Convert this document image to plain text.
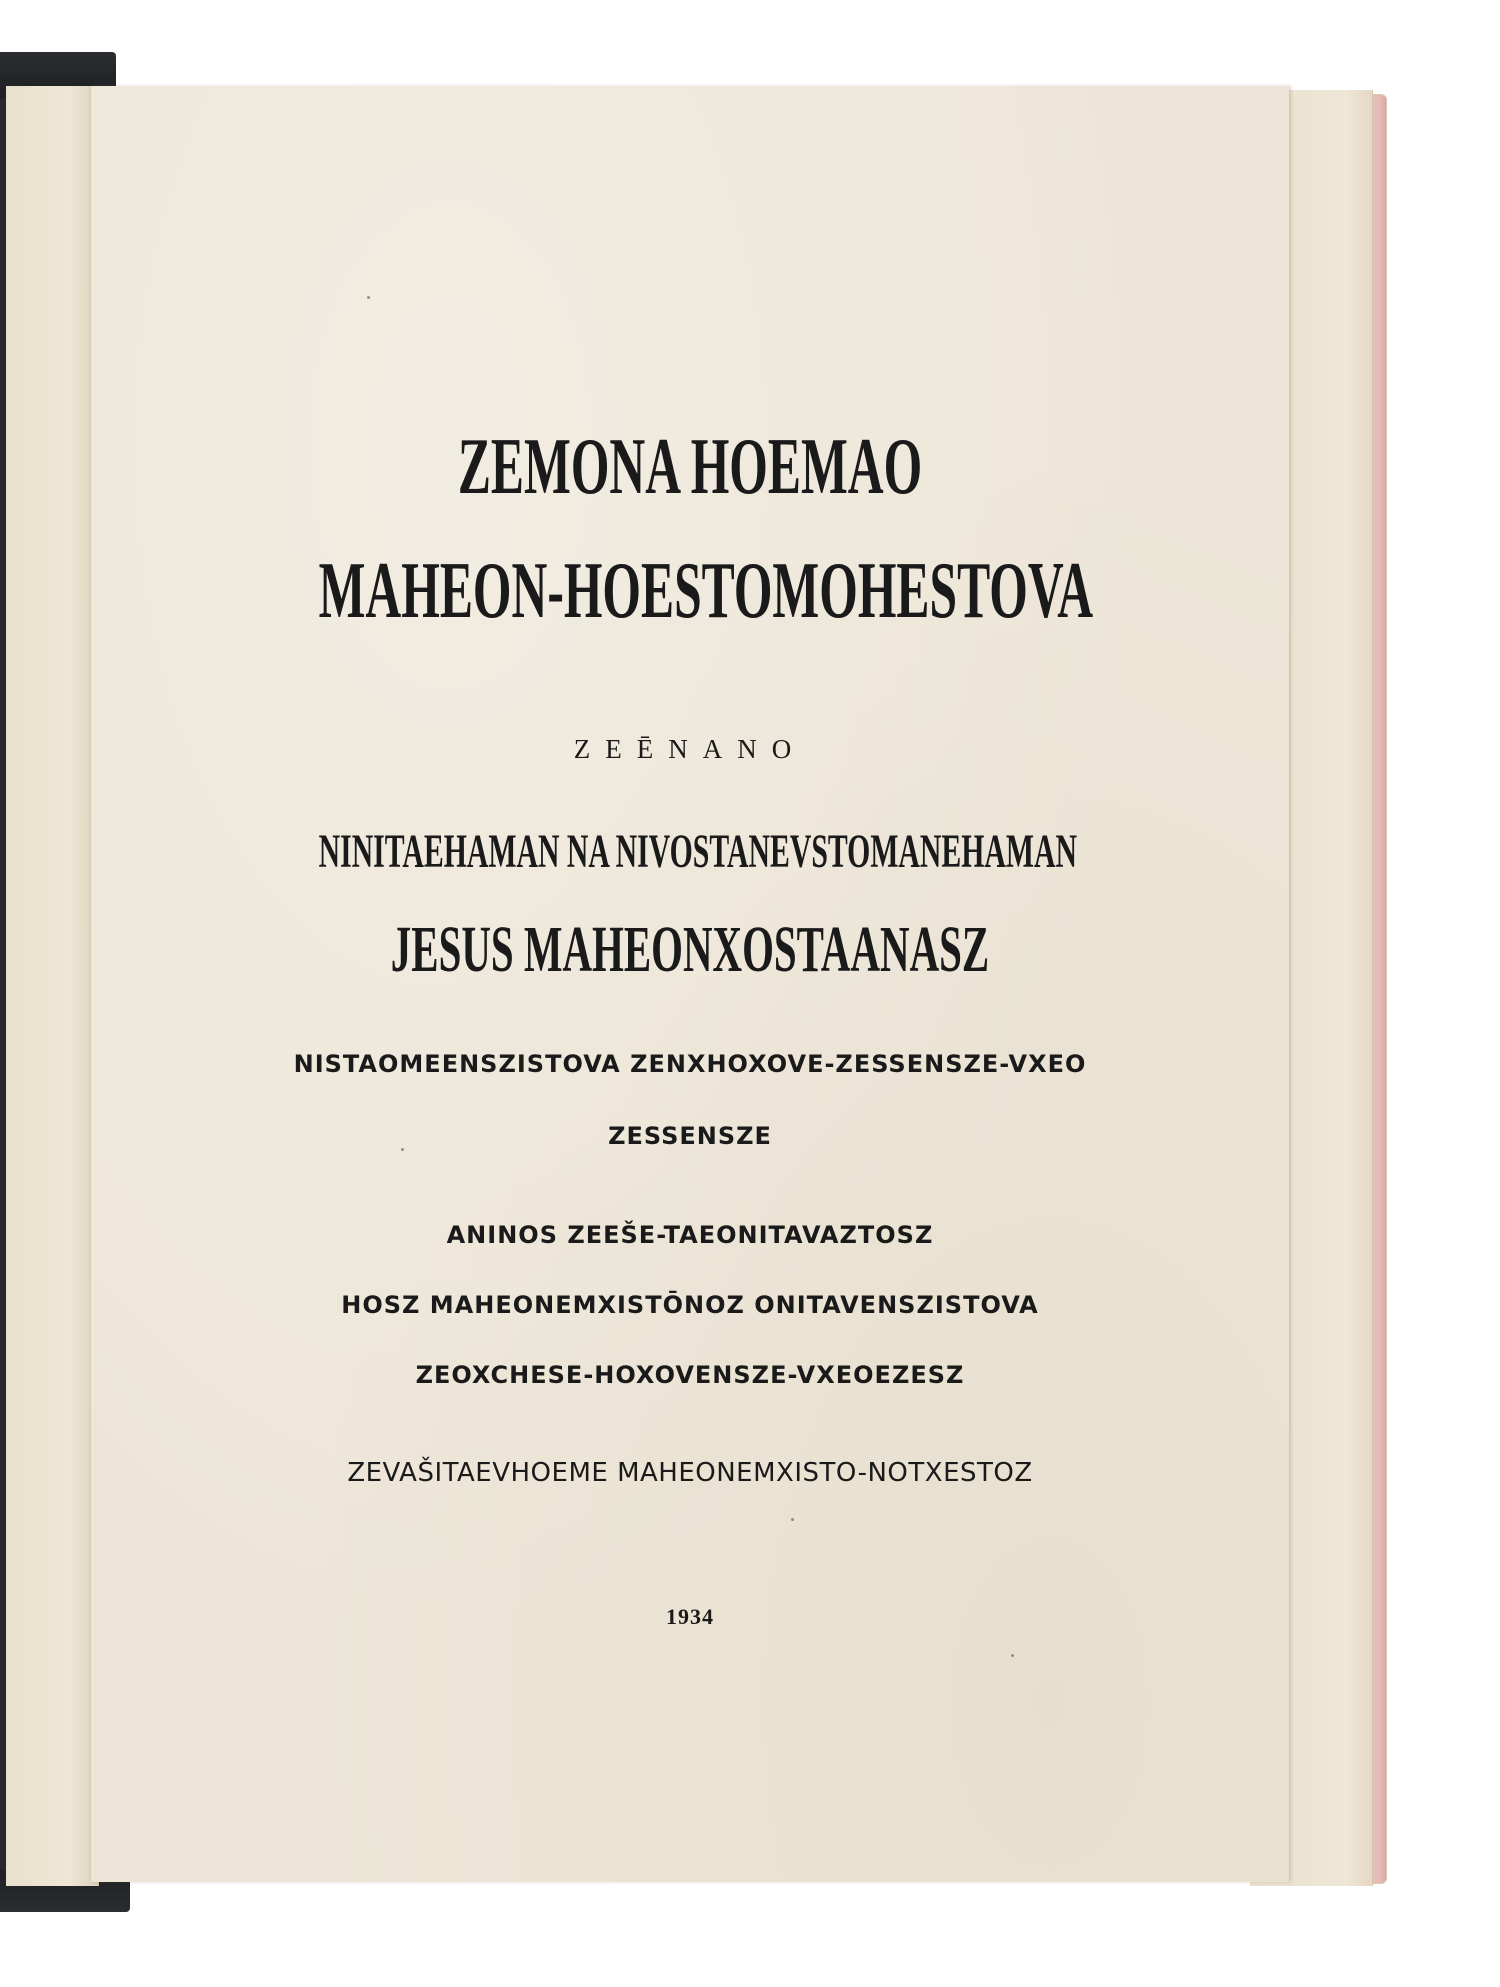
ZEMONA HOEMAO
MAHEON-HOESTOMOHESTOVA
ZEĒNANO
NINITAEHAMAN NA NIVOSTANEVSTOMANEHAMAN
JESUS MAHEONXOSTAANASZ
NISTAOMEENSZISTOVA ZENXHOXOVE-ZESSENSZE-VXEO
ZESSENSZE
ANINOS ZEEŠE-TAEONITAVAZTOSZ
HOSZ MAHEONEMXISTŌNOZ ONITAVENSZISTOVA
ZEOXCHESE-HOXOVENSZE-VXEOEZESZ
ZEVAŠITAEVHOEME MAHEONEMXISTO-NOTXESTOZ
1934
